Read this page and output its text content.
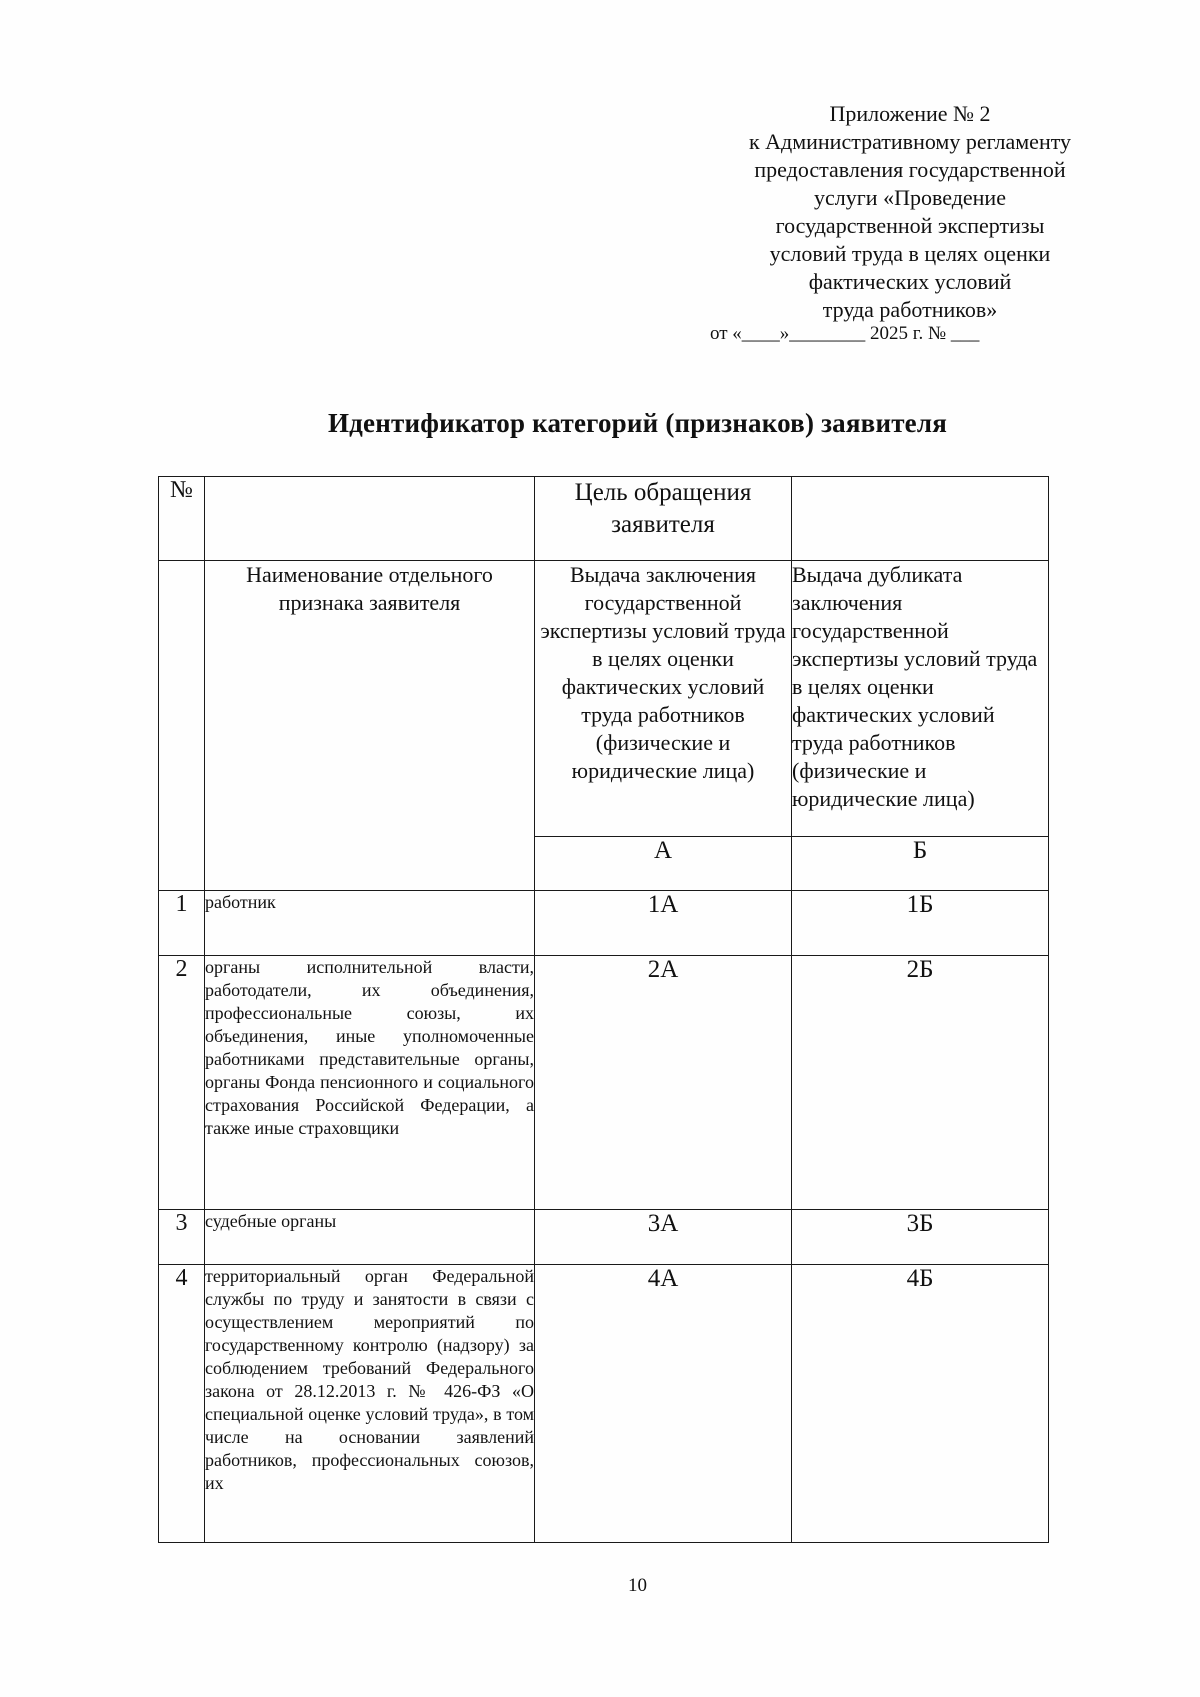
Приложение № 2
к Административному регламенту
предоставления государственной
услуги «Проведение
государственной экспертизы
условий труда в целях оценки
фактических условий
труда работников»
от «____»________ 2025 г. № ___
Идентификатор категорий (признаков) заявителя
№		Цель обращения заявителя	
	Наименование отдельного признака заявителя	Выдача заключения государственной экспертизы условий труда в целях оценки фактических условий труда работников (физические и юридические лица)	Выдача дубликата заключения государственной экспертизы условий труда в целях оценки фактических условий труда работников (физические и юридические лица)
		А	Б
1	работник	1А	1Б
2	органы исполнительной власти, работодатели, их объединения, профессиональные союзы, их объединения, иные уполномоченные работниками представительные органы, органы Фонда пенсионного и социального страхования Российской Федерации, а также иные страховщики	2А	2Б
3	судебные органы	3А	3Б
4	территориальный орган Федеральной службы по труду и занятости в связи с осуществлением мероприятий по государственному контролю (надзору) за соблюдением требований Федерального закона от 28.12.2013 г. № 426-ФЗ «О специальной оценке условий труда», в том числе на основании заявлений работников, профессиональных союзов, их	4А	4Б
10
